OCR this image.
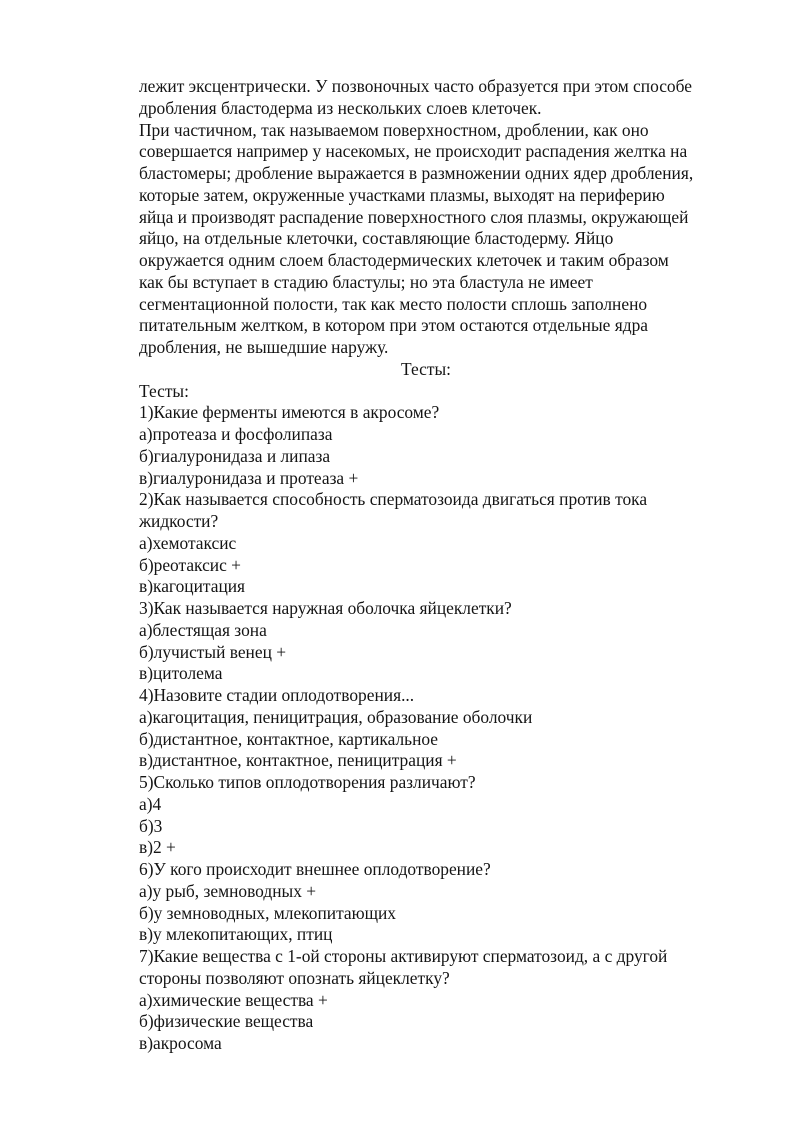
лежит эксцентрически. У позвоночных часто образуется при этом способе
дробления бластодерма из нескольких слоев клеточек.
При частичном, так называемом поверхностном, дроблении, как оно
совершается например у насекомых, не происходит распадения желтка на
бластомеры; дробление выражается в размножении одних ядер дробления,
которые затем, окруженные участками плазмы, выходят на периферию
яйца и производят распадение поверхностного слоя плазмы, окружающей
яйцо, на отдельные клеточки, составляющие бластодерму. Яйцо
окружается одним слоем бластодермических клеточек и таким образом
как бы вступает в стадию бластулы; но эта бластула не имеет
сегментационной полости, так как место полости сплошь заполнено
питательным желтком, в котором при этом остаются отдельные ядра
дробления, не вышедшие наружу.
Тесты:
Тесты:
1)Какие ферменты имеются в акросоме?
а)протеаза и фосфолипаза
б)гиалуронидаза и липаза
в)гиалуронидаза и протеаза +
2)Как называется способность сперматозоида двигаться против тока
жидкости?
а)хемотаксис
б)реотаксис +
в)кагоцитация
3)Как называется наружная оболочка яйцеклетки?
а)блестящая зона
б)лучистый венец +
в)цитолема
4)Назовите стадии оплодотворения...
а)кагоцитация, пеницитрация, образование оболочки
б)дистантное, контактное, картикальное
в)дистантное, контактное, пеницитрация +
5)Сколько типов оплодотворения различают?
а)4
б)3
в)2 +
6)У кого происходит внешнее оплодотворение?
а)у рыб, земноводных +
б)у земноводных, млекопитающих
в)у млекопитающих, птиц
7)Какие вещества с 1-ой стороны активируют сперматозоид, а с другой
стороны позволяют опознать яйцеклетку?
а)химические вещества +
б)физические вещества
в)акросома
